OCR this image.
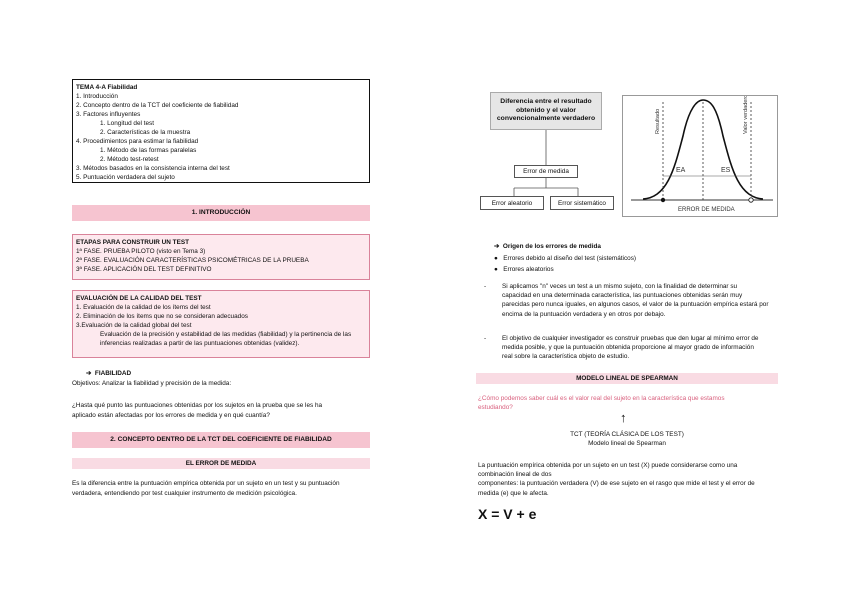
TEMA 4-A Fiabilidad
1. Introducción
2. Concepto dentro de la TCT del coeficiente de fiabilidad
3. Factores influyentes
1. Longitud del test
2. Características de la muestra
4. Procedimientos para estimar la fiabilidad
1. Método de las formas paralelas
2. Método test-retest
3. Métodos basados en la consistencia interna del test
5. Puntuación verdadera del sujeto
1. INTRODUCCIÓN
ETAPAS PARA CONSTRUIR UN TEST
1ª FASE. PRUEBA PILOTO (visto en Tema 3)
2ª FASE. EVALUACIÓN CARACTERÍSTICAS PSICOMÉTRICAS DE LA PRUEBA
3ª FASE. APLICACIÓN DEL TEST DEFINITIVO
EVALUACIÓN DE LA CALIDAD DEL TEST
1. Evaluación de la calidad de los ítems del test
2. Eliminación de los ítems que no se consideran adecuados
3.Evaluación de la calidad global del test
Evaluación de la precisión y estabilidad de las medidas (fiabilidad) y la pertinencia de las
inferencias realizadas a partir de las puntuaciones obtenidas (validez).
➔ FIABILIDAD
Objetivos: Analizar la fiabilidad y precisión de la medida:
¿Hasta qué punto las puntuaciones obtenidas por los sujetos en la prueba que se les ha
aplicado están afectadas por los errores de medida y en qué cuantía?
2. CONCEPTO DENTRO DE LA TCT DEL COEFICIENTE DE FIABILIDAD
EL ERROR DE MEDIDA
Es la diferencia entre la puntuación empírica obtenida por un sujeto en un test y su puntuación
verdadera, entendiendo por test cualquier instrumento de medición psicológica.
Diferencia entre el resultado obtenido y el valor convencionalmente verdadero
Error de medida
Error aleatorio	Error sistemático
Resultado	Valor verdadero
EA	ES
ERROR DE MEDIDA
➔ Origen de los errores de medida
● Errores debido al diseño del test (sistemáticos)
● Errores aleatorios
- Si aplicamos "n" veces un test a un mismo sujeto, con la finalidad de determinar su
capacidad en una determinada característica, las puntuaciones obtenidas serán muy
parecidas pero nunca iguales, en algunos casos, el valor de la puntuación empírica estará por
encima de la puntuación verdadera y en otros por debajo.
- El objetivo de cualquier investigador es construir pruebas que den lugar al mínimo error de
medida posible, y que la puntuación obtenida proporcione al mayor grado de información
real sobre la característica objeto de estudio.
MODELO LINEAL DE SPEARMAN
¿Cómo podemos saber cuál es el valor real del sujeto en la característica que estamos
estudiando?
↑
TCT (TEORÍA CLÁSICA DE LOS TEST)
Modelo lineal de Spearman
La puntuación empírica obtenida por un sujeto en un test (X) puede considerarse como una
combinación lineal de dos
componentes: la puntuación verdadera (V) de ese sujeto en el rasgo que mide el test y el error de
medida (e) que le afecta.
X = V + e
